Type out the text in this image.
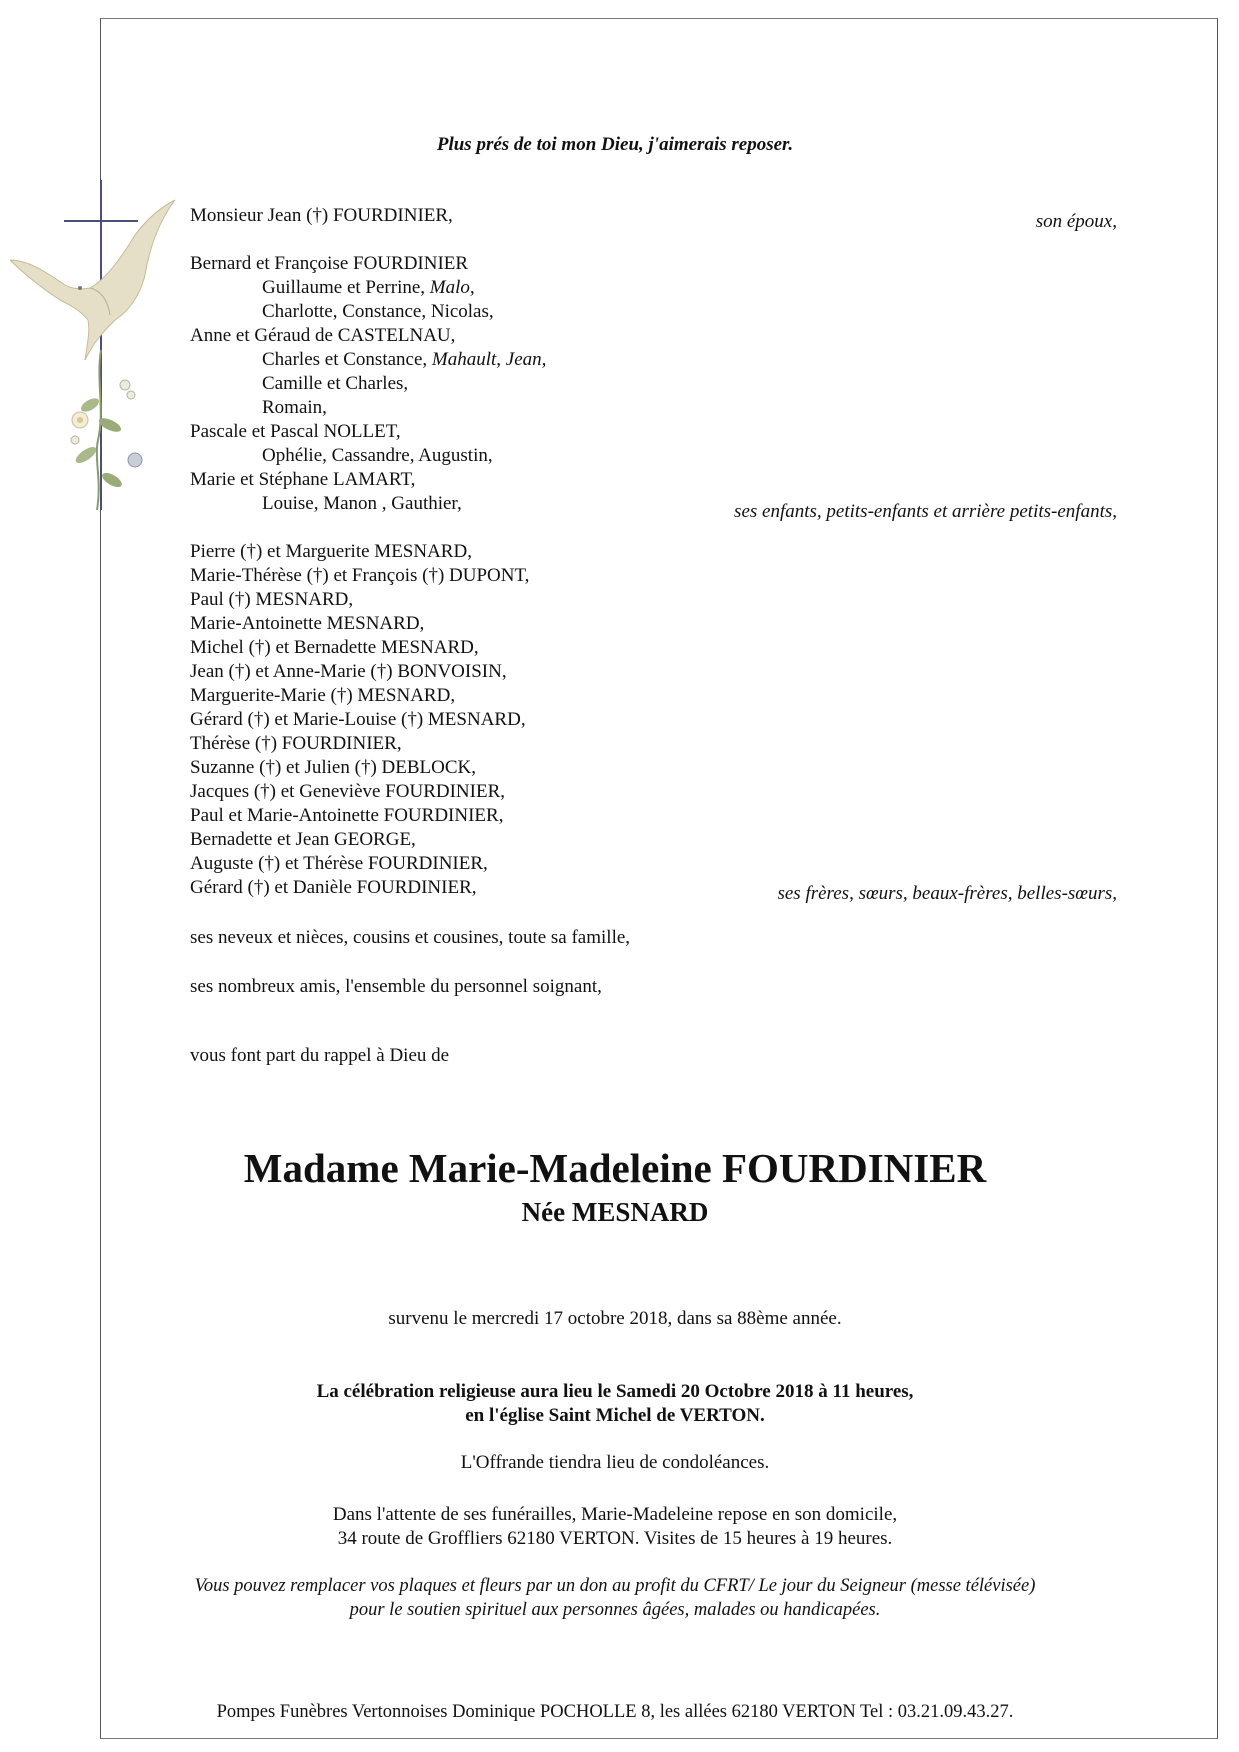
Plus prés de toi mon Dieu, j'aimerais reposer.
Monsieur Jean (†) FOURDINIER,	son époux,
Bernard et Françoise FOURDINIER
Guillaume et Perrine, Malo,
Charlotte, Constance, Nicolas,
Anne et Géraud de CASTELNAU,
Charles et Constance, Mahault, Jean,
Camille et Charles,
Romain,
Pascale et Pascal NOLLET,
Ophélie, Cassandre, Augustin,
Marie et Stéphane LAMART,
Louise, Manon , Gauthier,	ses enfants, petits-enfants et arrière petits-enfants,
Pierre (†) et Marguerite MESNARD,
Marie-Thérèse (†) et François (†) DUPONT,
Paul (†) MESNARD,
Marie-Antoinette MESNARD,
Michel (†) et Bernadette MESNARD,
Jean (†) et Anne-Marie (†) BONVOISIN,
Marguerite-Marie (†) MESNARD,
Gérard (†) et Marie-Louise (†) MESNARD,
Thérèse (†) FOURDINIER,
Suzanne (†) et Julien (†) DEBLOCK,
Jacques (†) et Geneviève FOURDINIER,
Paul et Marie-Antoinette FOURDINIER,
Bernadette et Jean GEORGE,
Auguste (†) et Thérèse FOURDINIER,
Gérard (†) et Danièle FOURDINIER,	ses frères, sœurs, beaux-frères, belles-sœurs,
ses neveux et nièces, cousins et cousines, toute sa famille,
ses nombreux amis, l'ensemble du personnel soignant,
vous font part du rappel à Dieu de
Madame Marie-Madeleine FOURDINIER
Née MESNARD
survenu le mercredi 17 octobre 2018, dans sa 88ème année.
La célébration religieuse aura lieu le Samedi 20 Octobre 2018 à 11 heures,
en l'église Saint Michel de VERTON.
L'Offrande tiendra lieu de condoléances.
Dans l'attente de ses funérailles, Marie-Madeleine repose en son domicile,
34 route de Groffliers 62180 VERTON. Visites de 15 heures à 19 heures.
Vous pouvez remplacer vos plaques et fleurs par un don au profit du CFRT/ Le jour du Seigneur (messe télévisée)
pour le soutien spirituel aux personnes âgées, malades ou handicapées.
Pompes Funèbres Vertonnoises Dominique POCHOLLE 8, les allées 62180 VERTON Tel : 03.21.09.43.27.
